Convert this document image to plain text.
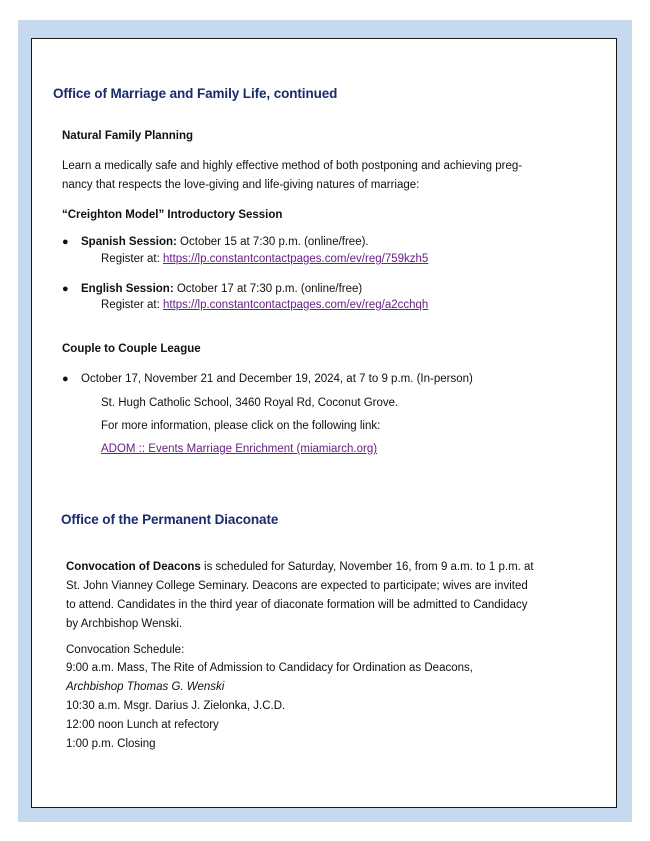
Office of Marriage and Family Life, continued
Natural Family Planning
Learn a medically safe and highly effective method of both postponing and achieving preg-
nancy that respects the love-giving and life-giving natures of marriage:
“Creighton Model” Introductory Session
● Spanish Session: October 15 at 7:30 p.m. (online/free).
Register at: https://lp.constantcontactpages.com/ev/reg/759kzh5
● English Session: October 17 at 7:30 p.m. (online/free)
Register at: https://lp.constantcontactpages.com/ev/reg/a2cchqh
Couple to Couple League
● October 17, November 21 and December 19, 2024, at 7 to 9 p.m. (In-person)
St. Hugh Catholic School, 3460 Royal Rd, Coconut Grove.
For more information, please click on the following link:
ADOM :: Events Marriage Enrichment (miamiarch.org)
Office of the Permanent Diaconate
Convocation of Deacons is scheduled for Saturday, November 16, from 9 a.m. to 1 p.m. at
St. John Vianney College Seminary. Deacons are expected to participate; wives are invited
to attend. Candidates in the third year of diaconate formation will be admitted to Candidacy
by Archbishop Wenski.
Convocation Schedule:
9:00 a.m. Mass, The Rite of Admission to Candidacy for Ordination as Deacons,
Archbishop Thomas G. Wenski
10:30 a.m. Msgr. Darius J. Zielonka, J.C.D.
12:00 noon Lunch at refectory
1:00 p.m. Closing
